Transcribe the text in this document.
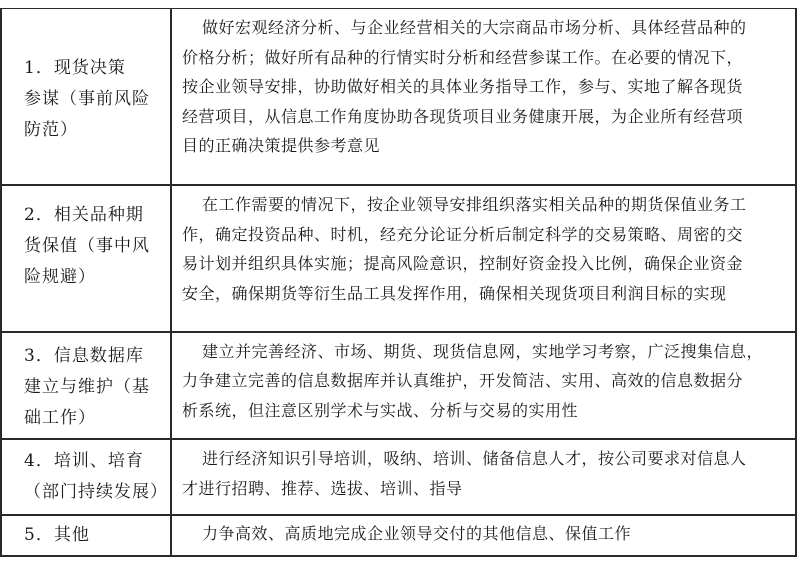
1．现货决策
参谋（事前风险
防范）	做好宏观经济分析、与企业经营相关的大宗商品市场分析、具体经营品种的
价格分析；做好所有品种的行情实时分析和经营参谋工作。在必要的情况下，
按企业领导安排，协助做好相关的具体业务指导工作，参与、实地了解各现货
经营项目，从信息工作角度协助各现货项目业务健康开展，为企业所有经营项
目的正确决策提供参考意见

2．相关品种期
货保值（事中风
险规避）	在工作需要的情况下，按企业领导安排组织落实相关品种的期货保值业务工
作，确定投资品种、时机，经充分论证分析后制定科学的交易策略、周密的交
易计划并组织具体实施；提高风险意识，控制好资金投入比例，确保企业资金
安全，确保期货等衍生品工具发挥作用，确保相关现货项目利润目标的实现

3．信息数据库
建立与维护（基
础工作）	建立并完善经济、市场、期货、现货信息网，实地学习考察，广泛搜集信息，
力争建立完善的信息数据库并认真维护，开发简洁、实用、高效的信息数据分
析系统，但注意区别学术与实战、分析与交易的实用性

4．培训、培育
（部门持续发展）	进行经济知识引导培训，吸纳、培训、储备信息人才，按公司要求对信息人
才进行招聘、推荐、选拔、培训、指导

5．其他	力争高效、高质地完成企业领导交付的其他信息、保值工作
